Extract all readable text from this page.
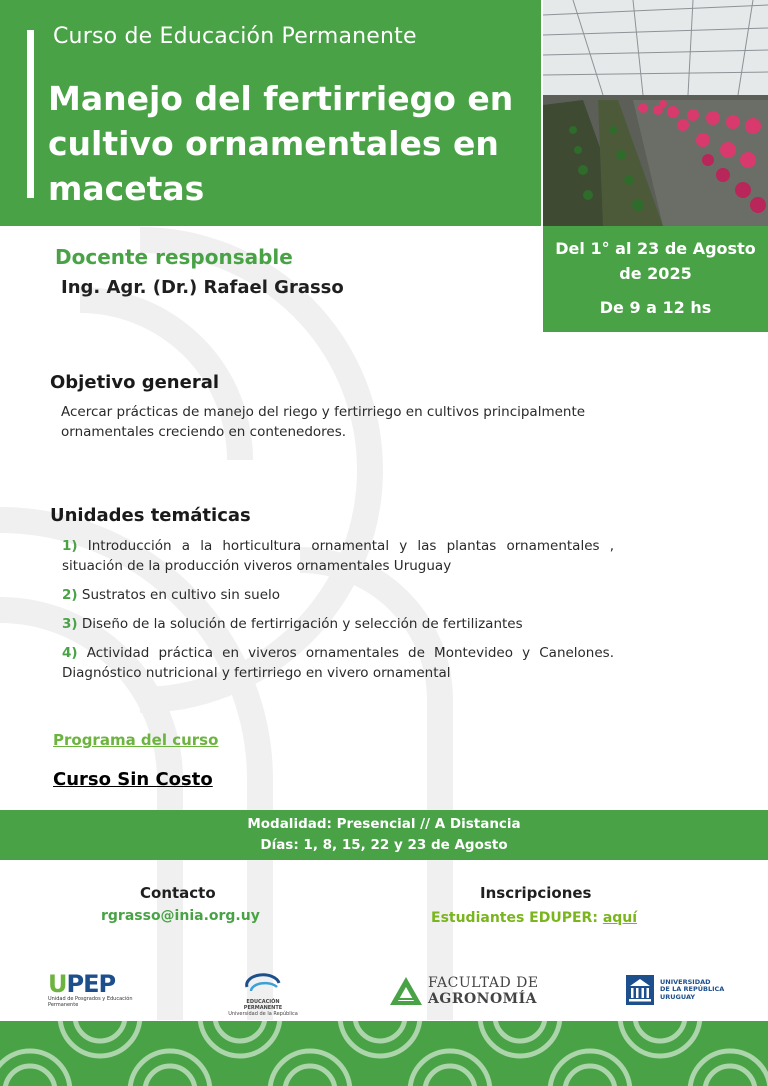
Curso de Educación Permanente
Manejo del fertirriego en cultivo ornamentales en macetas
Del 1° al 23 de Agosto
de 2025
De 9 a 12 hs
Docente responsable
Ing. Agr. (Dr.) Rafael Grasso
Objetivo general
Acercar prácticas de manejo del riego y fertirriego en cultivos principalmente ornamentales creciendo en contenedores.
Unidades temáticas
1) Introducción a la horticultura ornamental y las plantas ornamentales , situación de la producción viveros ornamentales Uruguay
2) Sustratos en cultivo sin suelo
3) Diseño de la solución de fertirrigación y selección de fertilizantes
4) Actividad práctica en viveros ornamentales de Montevideo y Canelones. Diagnóstico nutricional y fertirriego en vivero ornamental
Programa del curso
Curso Sin Costo
Modalidad: Presencial // A Distancia
Días: 1, 8, 15, 22 y 23 de Agosto
Contacto
rgrasso@inia.org.uy
Inscripciones
Estudiantes EDUPER: aquí
UPEP
Unidad de Posgrados y Educación Permanente	EDUCACIÓN PERMANENTE
Universidad de la República
FACULTAD DE
AGRONOMÍA
UNIVERSIDAD
DE LA REPÚBLICA
URUGUAY
